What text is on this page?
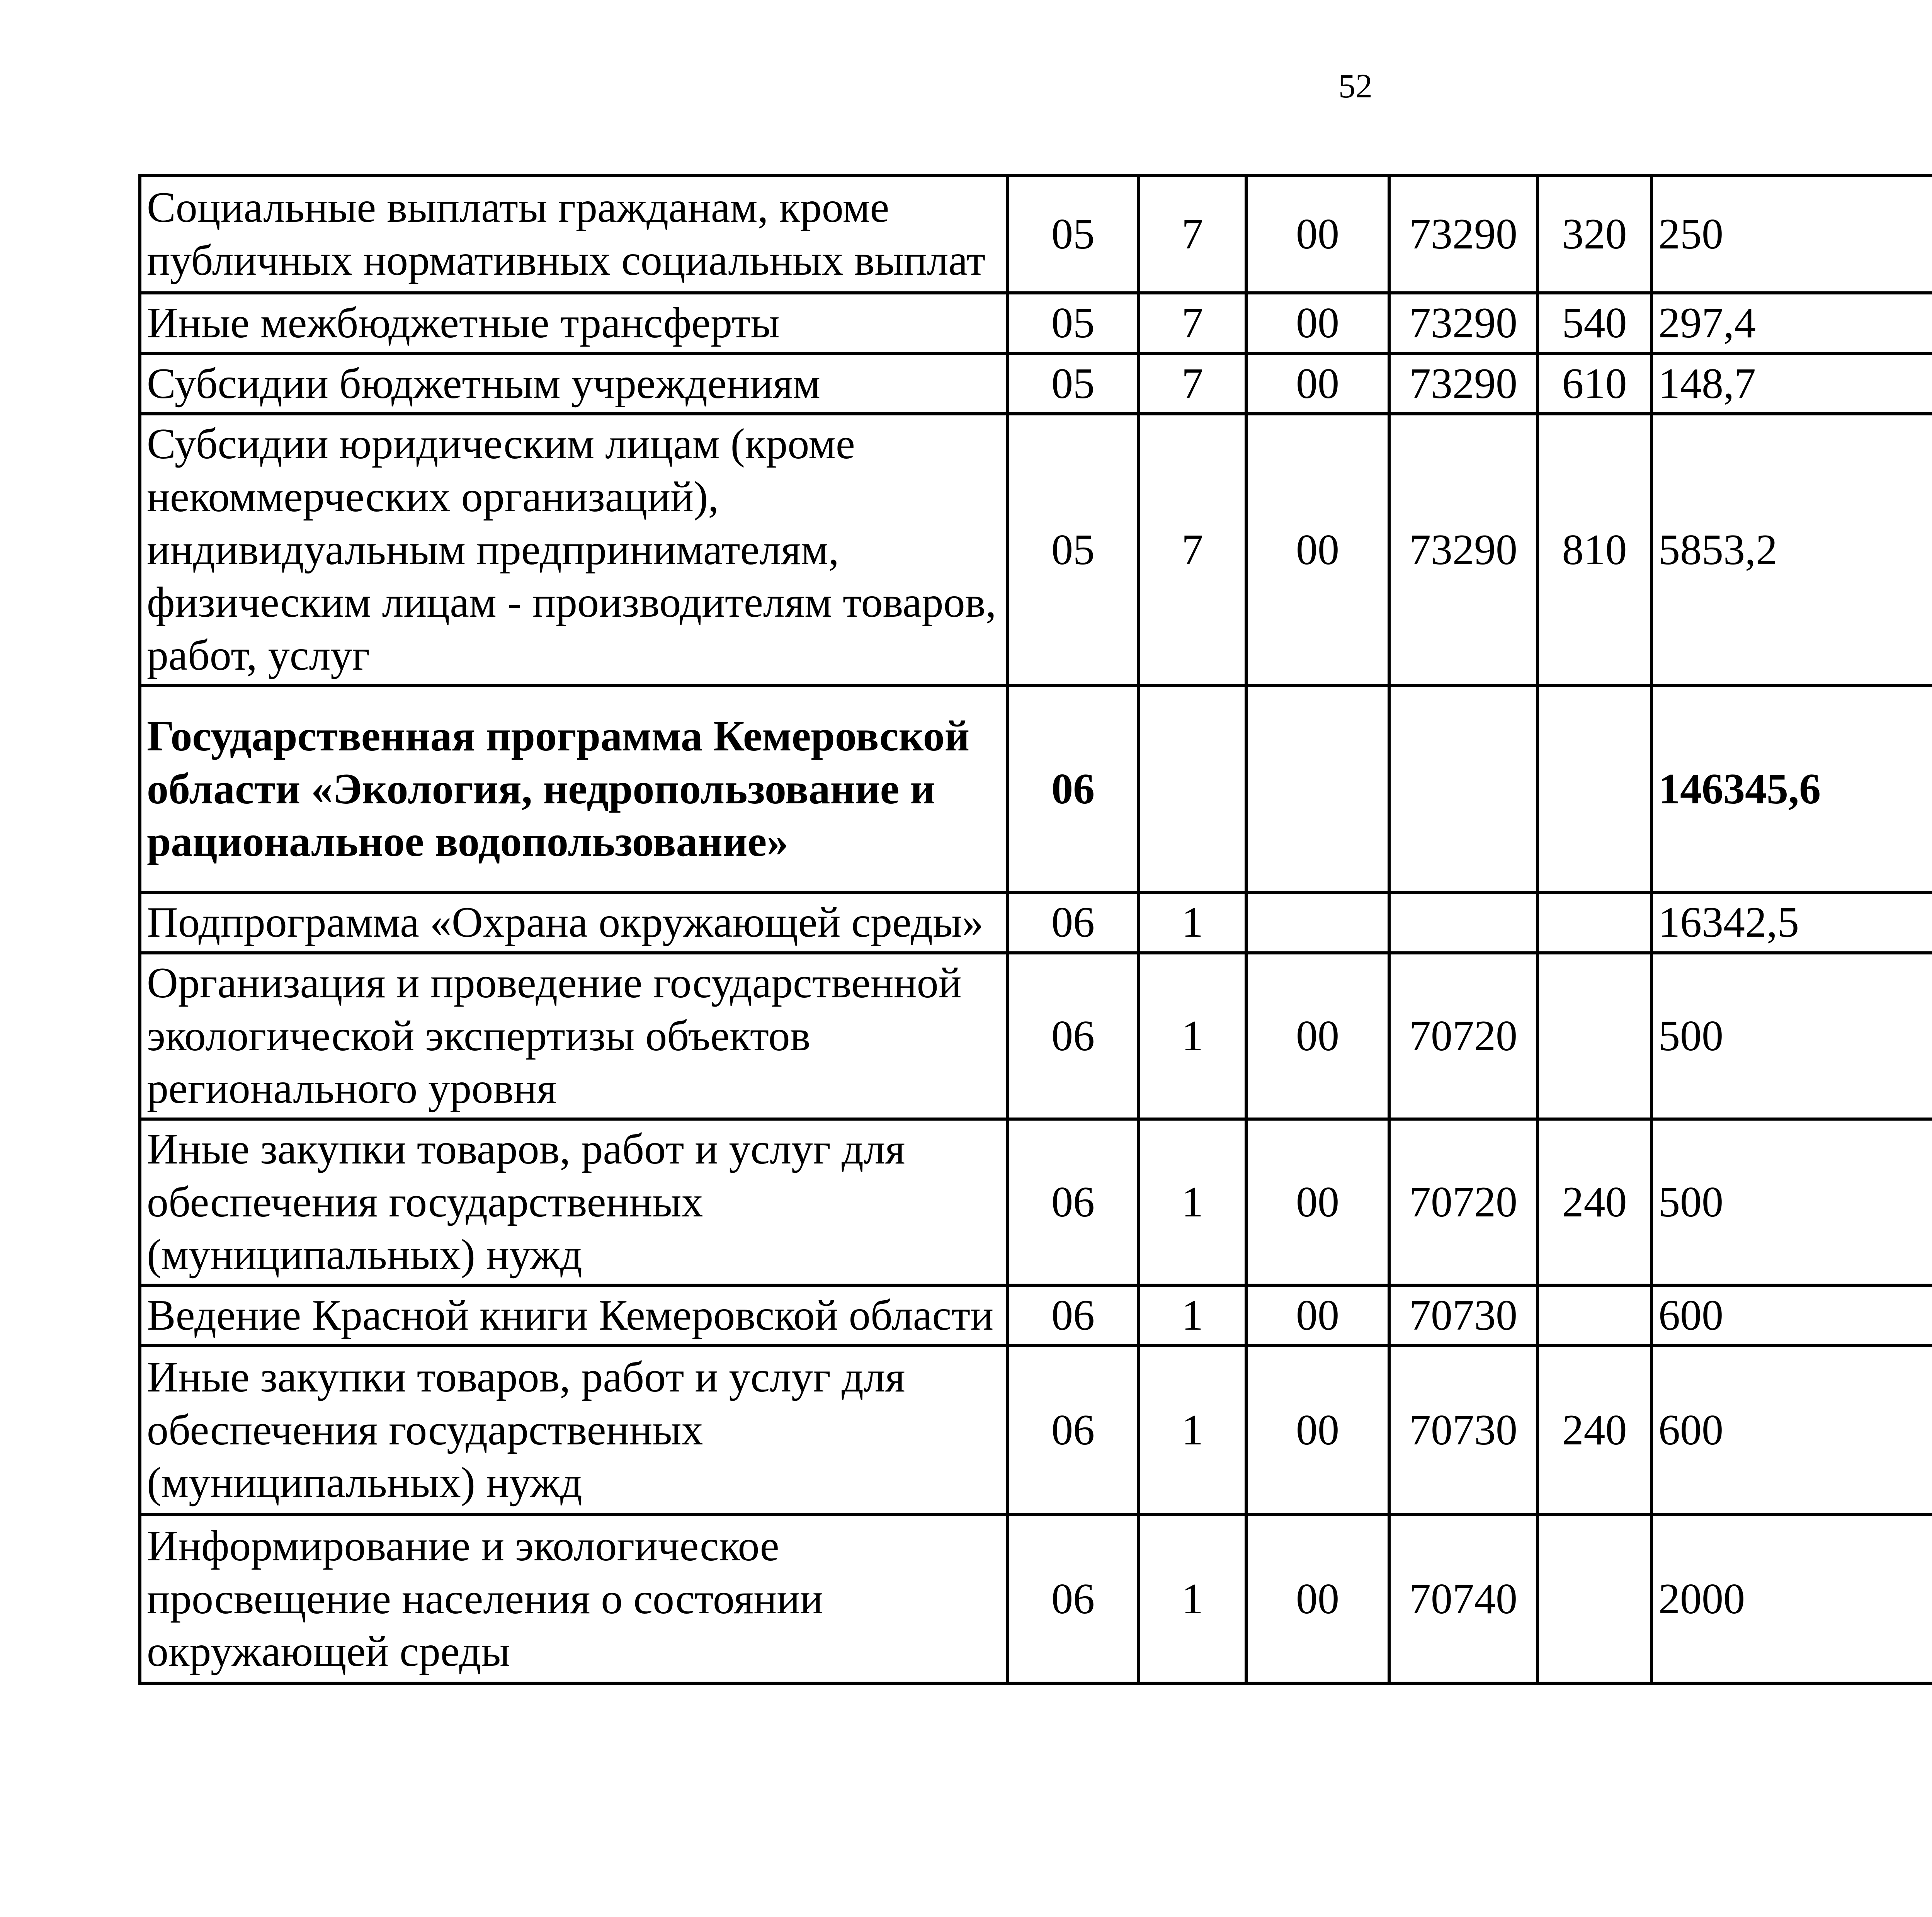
52
Социальные выплаты гражданам, кроме публичных нормативных социальных выплат	05	7	00	73290	320	250		
Иные межбюджетные трансферты	05	7	00	73290	540	297,4		
Субсидии бюджетным учреждениям	05	7	00	73290	610	148,7		
Субсидии юридическим лицам (кроме некоммерческих организаций), индивидуальным предпринимателям, физическим лицам - производителям товаров, работ, услуг	05	7	00	73290	810	5853,2		
Государственная программа Кемеровской области «Экология, недропользование и рациональное водопользование»	06					146345,6		
Подпрограмма «Охрана окружающей среды»	06	1				16342,5		
Организация и проведение государственной экологической экспертизы объектов регионального уровня	06	1	00	70720		500		
Иные закупки товаров, работ и услуг для обеспечения государственных (муниципальных) нужд	06	1	00	70720	240	500		
Ведение Красной книги Кемеровской области	06	1	00	70730		600		
Иные закупки товаров, работ и услуг для обеспечения государственных (муниципальных) нужд	06	1	00	70730	240	600		
Информирование и экологическое просвещение населения о состоянии окружающей среды	06	1	00	70740		2000		
